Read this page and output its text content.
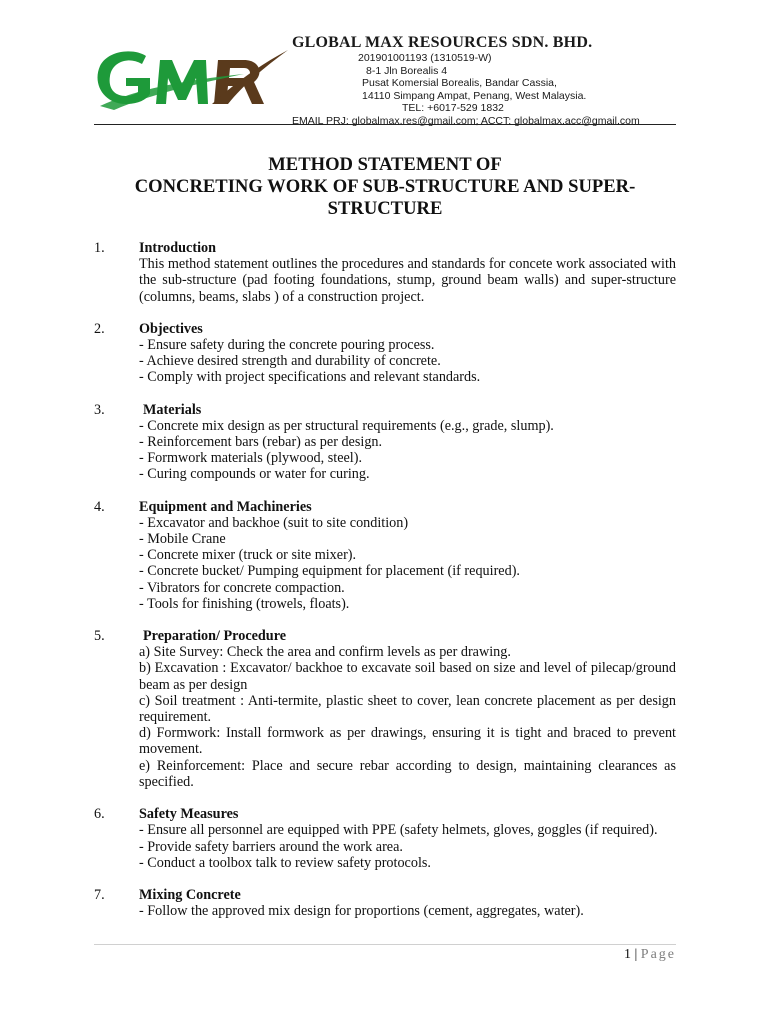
GLOBAL MAX RESOURCES SDN. BHD.
201901001193 (1310519-W)
8-1 Jln Borealis 4
Pusat Komersial Borealis, Bandar Cassia,
14110 Simpang Ampat, Penang, West Malaysia.
TEL: +6017-529 1832
EMAIL PRJ: globalmax.res@gmail.com; ACCT: globalmax.acc@gmail.com
METHOD STATEMENT OF
CONCRETING WORK OF SUB-STRUCTURE AND SUPER-
STRUCTURE
1.	Introduction
This method statement outlines the procedures and standards for concete work associated with the sub-structure (pad footing foundations, stump, ground beam walls) and super-structure (columns, beams, slabs ) of a construction project.
2.	Objectives
- Ensure safety during the concrete pouring process.
- Achieve desired strength and durability of concrete.
- Comply with project specifications and relevant standards.
3.	Materials
- Concrete mix design as per structural requirements (e.g., grade, slump).
- Reinforcement bars (rebar) as per design.
- Formwork materials (plywood, steel).
- Curing compounds or water for curing.
4.	Equipment and Machineries
- Excavator and backhoe (suit to site condition)
- Mobile Crane
- Concrete mixer (truck or site mixer).
- Concrete bucket/ Pumping equipment for placement (if required).
- Vibrators for concrete compaction.
- Tools for finishing (trowels, floats).
5.	Preparation/ Procedure
a) Site Survey: Check the area and confirm levels as per drawing.
b) Excavation : Excavator/ backhoe to excavate soil based on size and level of pilecap/ground beam as per design
c) Soil treatment : Anti-termite, plastic sheet to cover, lean concrete placement as per design requirement.
d) Formwork: Install formwork as per drawings, ensuring it is tight and braced to prevent movement.
e) Reinforcement: Place and secure rebar according to design, maintaining clearances as specified.
6.	Safety Measures
- Ensure all personnel are equipped with PPE (safety helmets, gloves, goggles (if required).
- Provide safety barriers around the work area.
- Conduct a toolbox talk to review safety protocols.
7.	Mixing Concrete
- Follow the approved mix design for proportions (cement, aggregates, water).
1 | Page
